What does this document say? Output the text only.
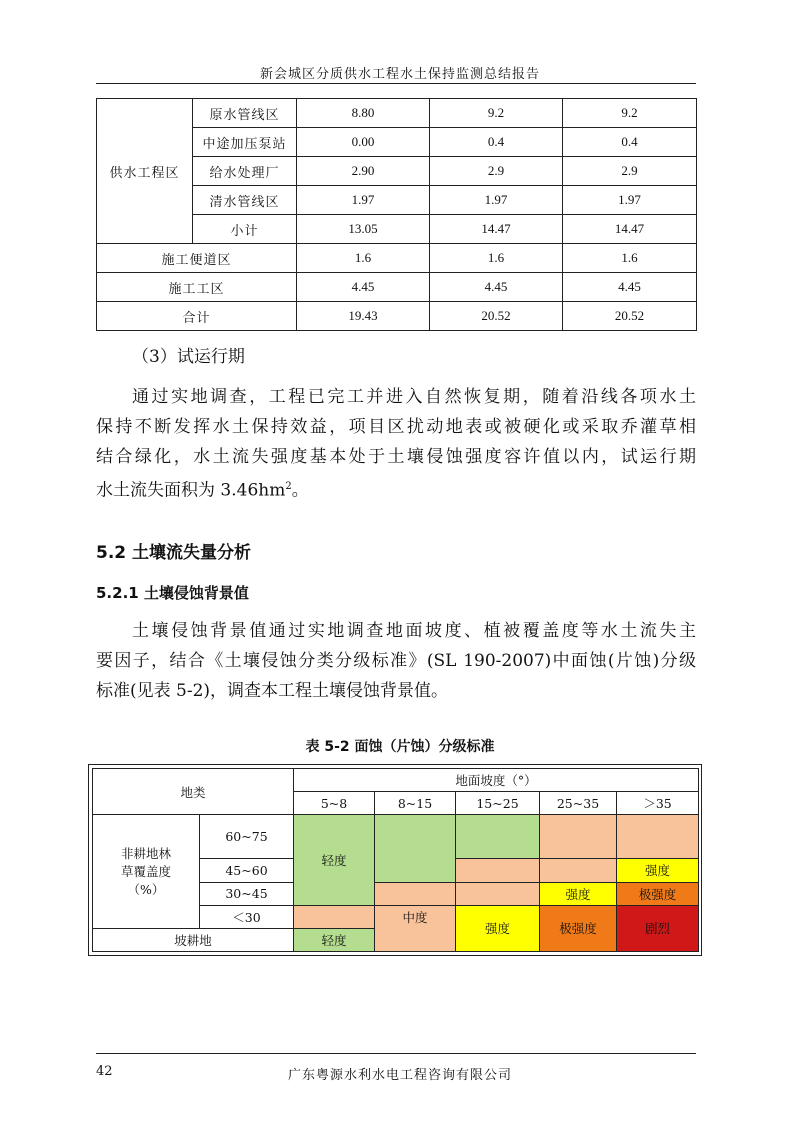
新会城区分质供水工程水土保持监测总结报告
供水工程区	原水管线区	8.80	9.2	9.2
	中途加压泵站	0.00	0.4	0.4
	给水处理厂	2.90	2.9	2.9
	清水管线区	1.97	1.97	1.97
	小计	13.05	14.47	14.47
施工便道区		1.6	1.6	1.6
施工工区		4.45	4.45	4.45
合计		19.43	20.52	20.52
（3）试运行期
通过实地调查，工程已完工并进入自然恢复期，随着沿线各项水土
保持不断发挥水土保持效益，项目区扰动地表或被硬化或采取乔灌草相
结合绿化，水土流失强度基本处于土壤侵蚀强度容许值以内，试运行期
水土流失面积为 $3.46hm^2$。
5.2 土壤流失量分析
5.2.1 土壤侵蚀背景值
土壤侵蚀背景值通过实地调查地面坡度、植被覆盖度等水土流失主
要因子，结合《土壤侵蚀分类分级标准》(SL 190-2007)中面蚀(片蚀)分级
标准(见表 5-2)，调查本工程土壤侵蚀背景值。
表 5-2 面蚀（片蚀）分级标准
地类		地面坡度（°）				
		5~8	8~15	15~25	25~35	＞35

非耕地林
草覆盖度
（%）	60~75	轻度				
	45~60					强度
	30~45				强度	极强度
	＜30		中度	强度	极强度	剧烈
坡耕地		轻度				
42	广东粤源水利水电工程咨询有限公司
